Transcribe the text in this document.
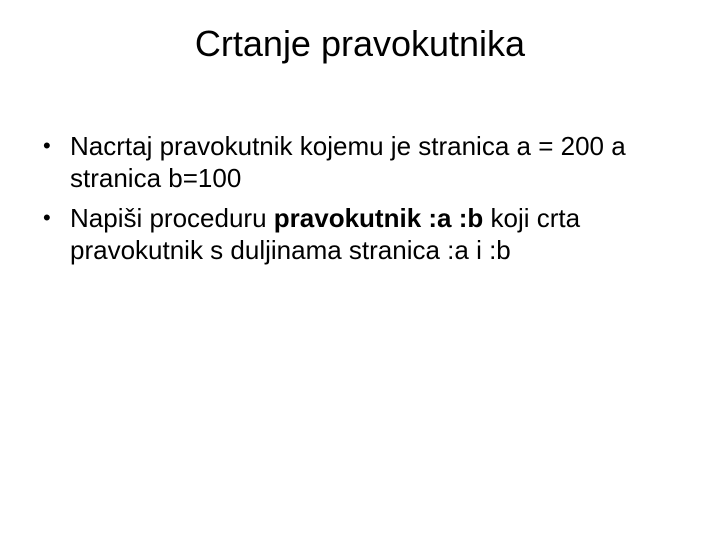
Crtanje pravokutnika
• Nacrtaj pravokutnik kojemu je stranica a = 200 a stranica b=100
• Napiši proceduru pravokutnik :a :b koji crta pravokutnik s duljinama stranica :a i :b
